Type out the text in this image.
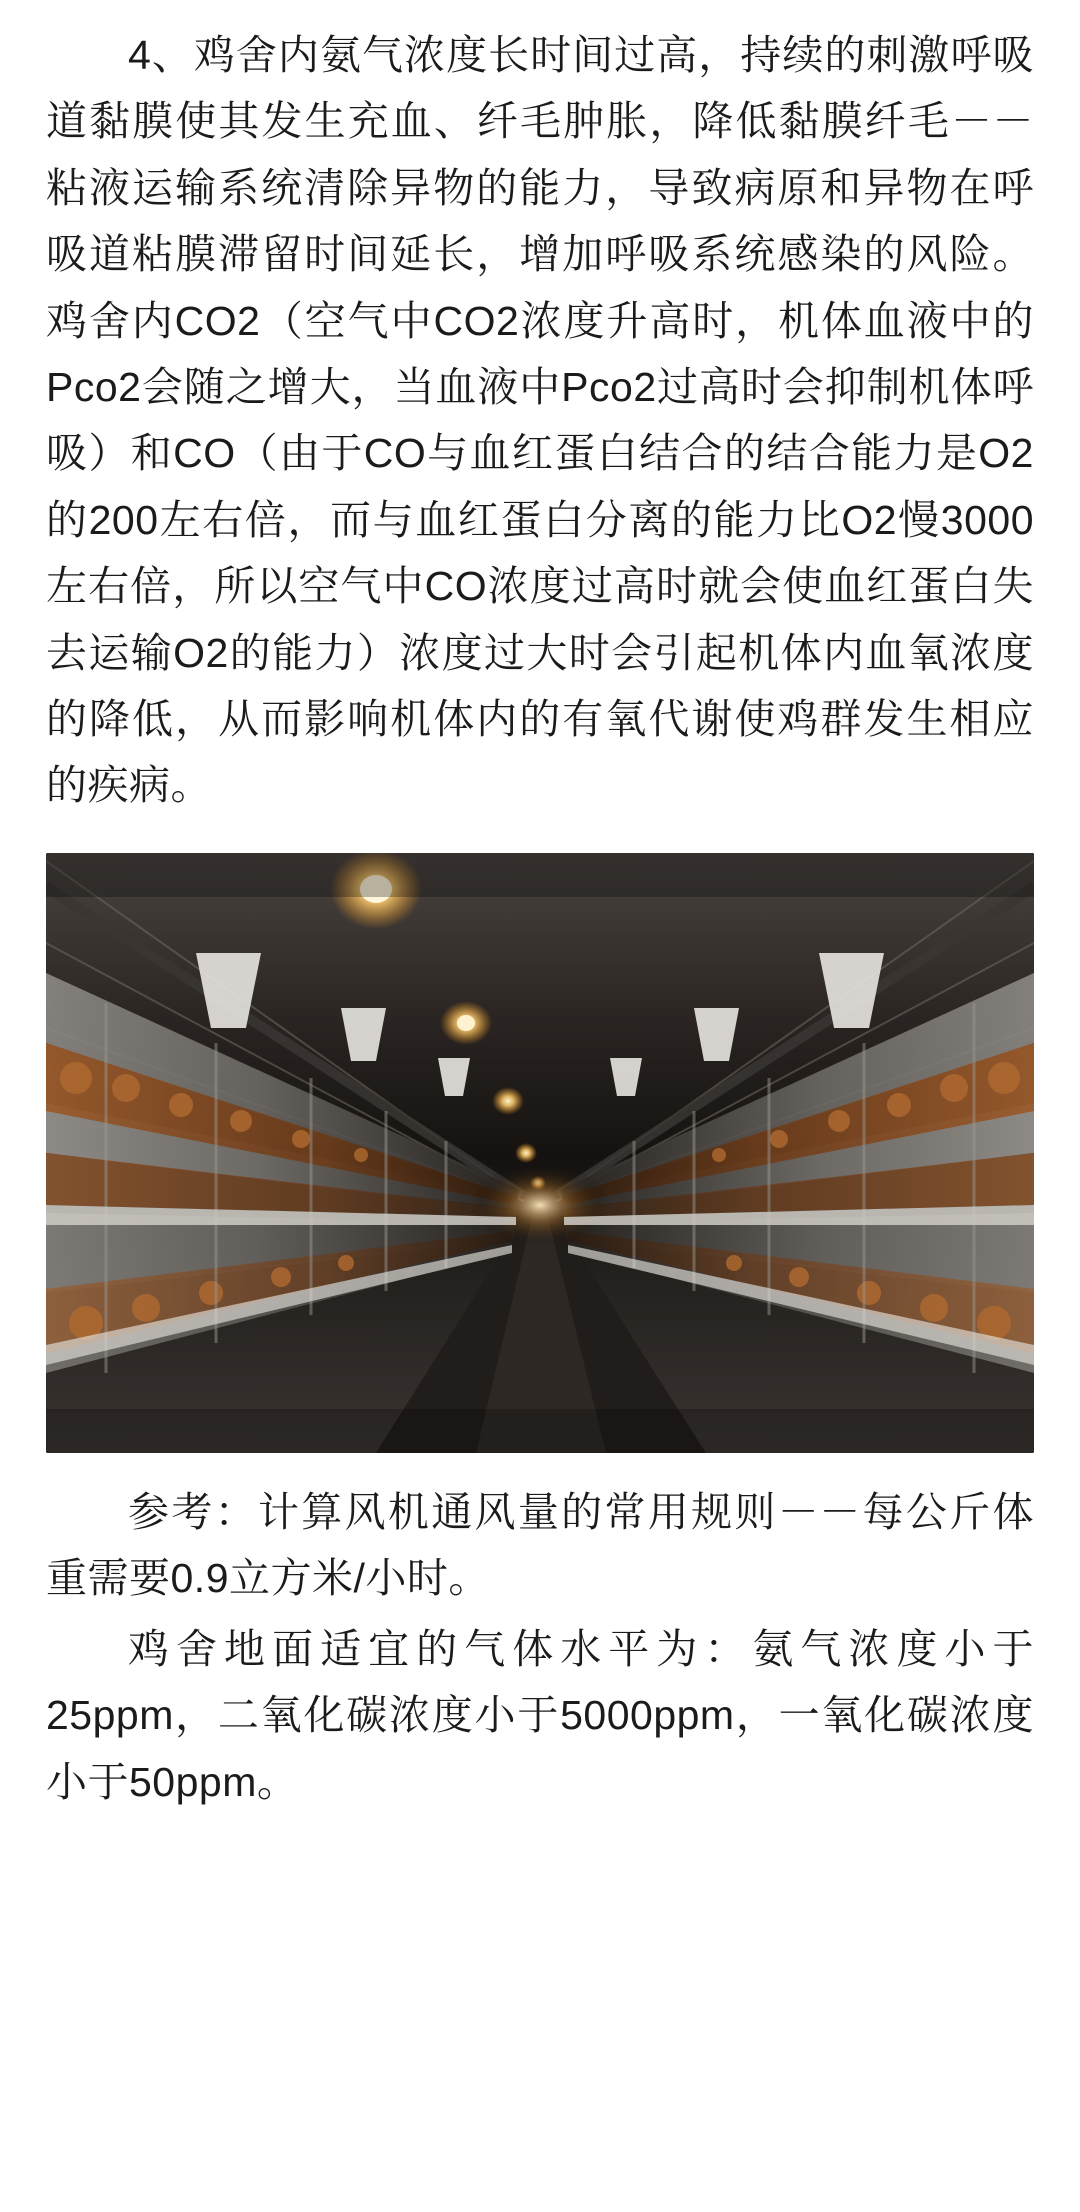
4、鸡舍内氨气浓度长时间过高，持续的刺激呼吸道黏膜使其发生充血、纤毛肿胀，降低黏膜纤毛－－粘液运输系统清除异物的能力，导致病原和异物在呼吸道粘膜滞留时间延长，增加呼吸系统感染的风险。鸡舍内CO2（空气中CO2浓度升高时，机体血液中的Pco2会随之增大，当血液中Pco2过高时会抑制机体呼吸）和CO（由于CO与血红蛋白结合的结合能力是O2的200左右倍，而与血红蛋白分离的能力比O2慢3000左右倍，所以空气中CO浓度过高时就会使血红蛋白失去运输O2的能力）浓度过大时会引起机体内血氧浓度的降低，从而影响机体内的有氧代谢使鸡群发生相应的疾病。

参考：计算风机通风量的常用规则－－每公斤体重需要0.9立方米/小时。

鸡舍地面适宜的气体水平为：氨气浓度小于25ppm，二氧化碳浓度小于5000ppm，一氧化碳浓度小于50ppm。
